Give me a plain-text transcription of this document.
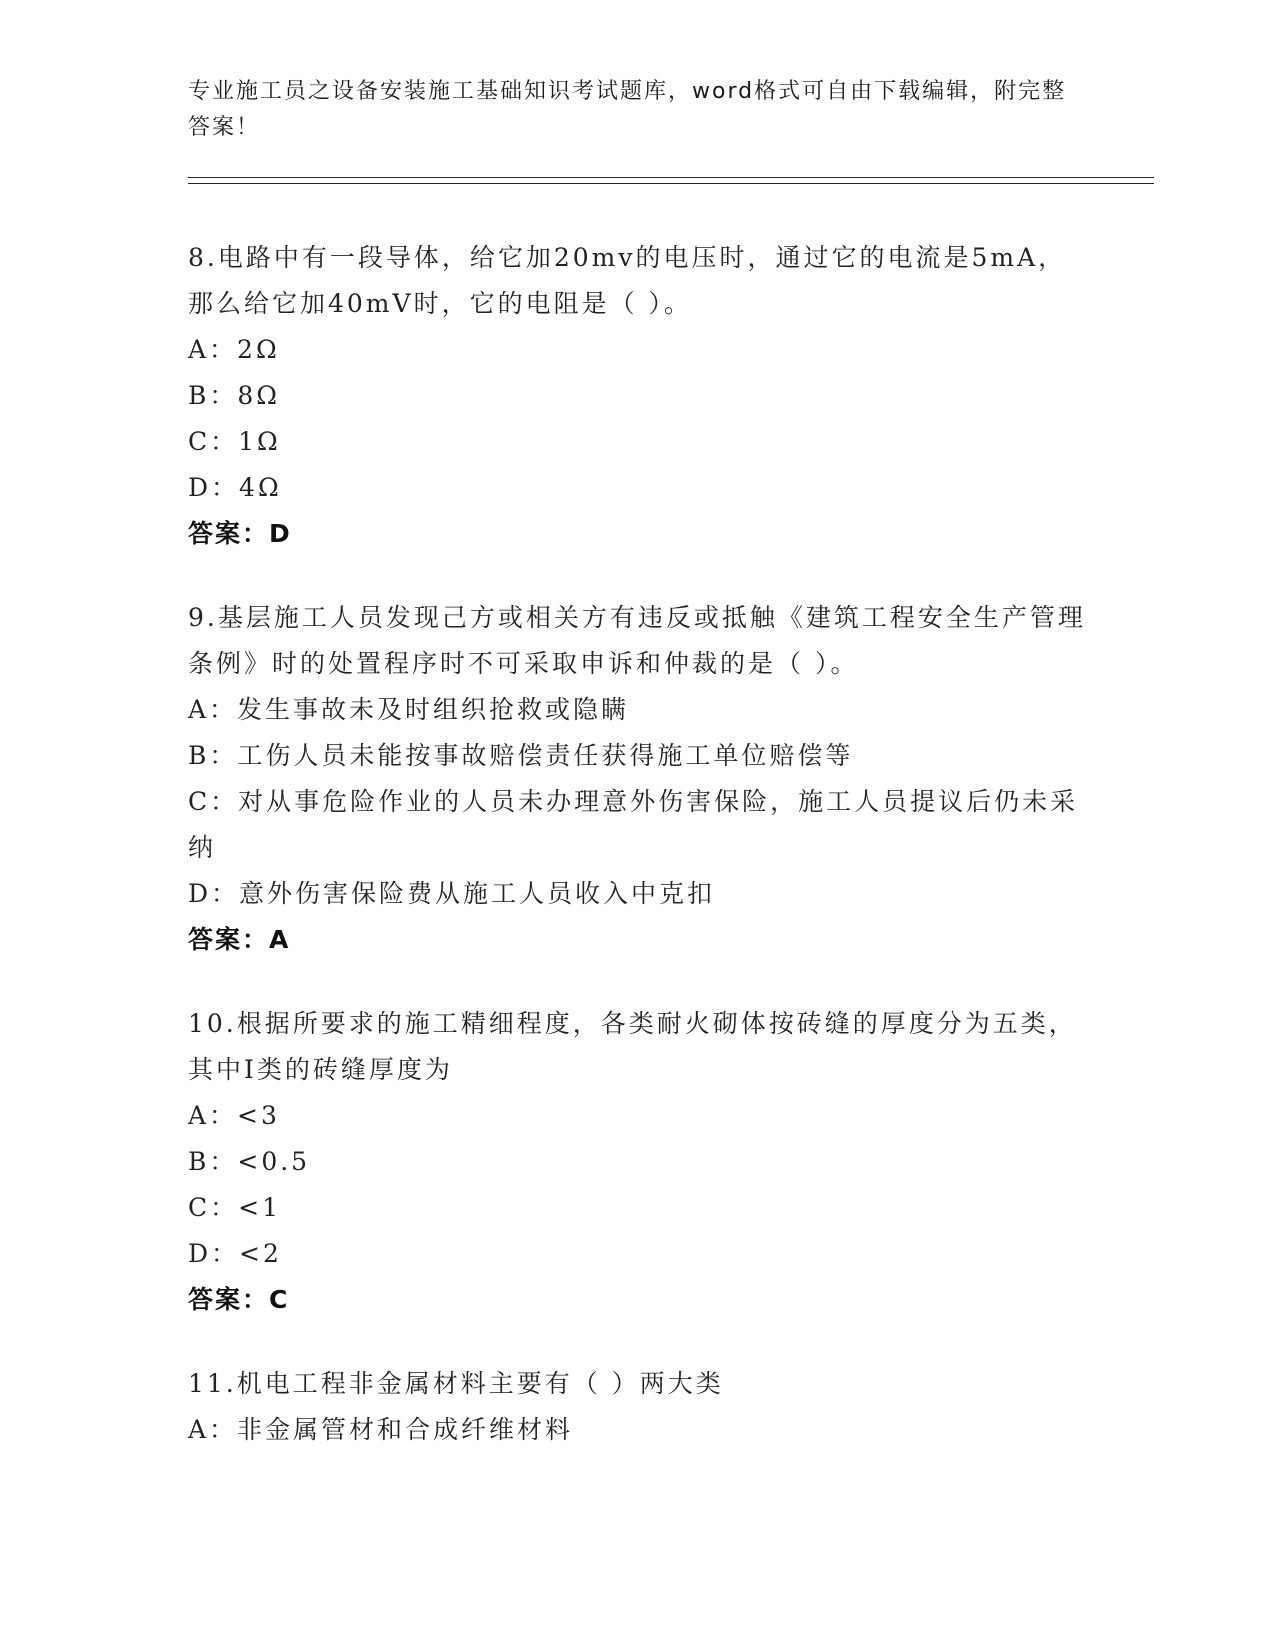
专业施工员之设备安装施工基础知识考试题库，word格式可自由下载编辑，附完整答案！

8.电路中有一段导体，给它加20mv的电压时，通过它的电流是5mA，那么给它加40mV时，它的电阻是（ ）。

A：2Ω

B：8Ω

C：1Ω

D：4Ω

答案：D

9.基层施工人员发现己方或相关方有违反或抵触《建筑工程安全生产管理条例》时的处置程序时不可采取申诉和仲裁的是（ ）。

A：发生事故未及时组织抢救或隐瞒

B：工伤人员未能按事故赔偿责任获得施工单位赔偿等

C：对从事危险作业的人员未办理意外伤害保险，施工人员提议后仍未采纳

D：意外伤害保险费从施工人员收入中克扣

答案：A

10.根据所要求的施工精细程度，各类耐火砌体按砖缝的厚度分为五类，其中I类的砖缝厚度为

A：<3

B：<0.5

C：<1

D：<2

答案：C

11.机电工程非金属材料主要有（ ）两大类

A：非金属管材和合成纤维材料
